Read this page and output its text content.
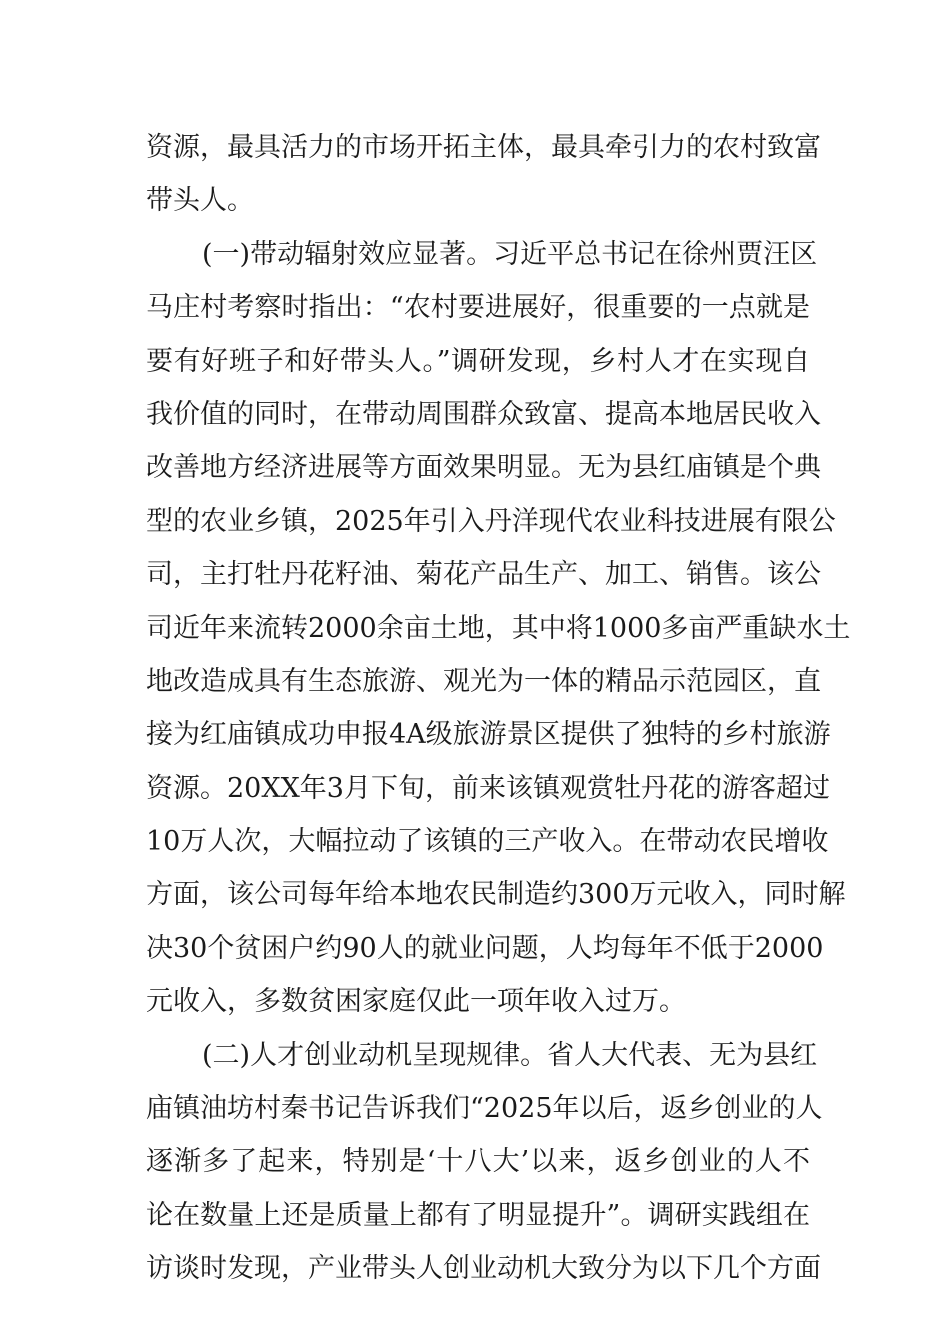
资源，最具活力的市场开拓主体，最具牵引力的农村致富
带头人。
(一)带动辐射效应显著。习近平总书记在徐州贾汪区
马庄村考察时指出：“农村要进展好，很重要的一点就是
要有好班子和好带头人。”调研发现，乡村人才在实现自
我价值的同时，在带动周围群众致富、提高本地居民收入
改善地方经济进展等方面效果明显。无为县红庙镇是个典
型的农业乡镇，2025年引入丹洋现代农业科技进展有限公
司，主打牡丹花籽油、菊花产品生产、加工、销售。该公
司近年来流转2000余亩土地，其中将1000多亩严重缺水土
地改造成具有生态旅游、观光为一体的精品示范园区，直
接为红庙镇成功申报4A级旅游景区提供了独特的乡村旅游
资源。20XX年3月下旬，前来该镇观赏牡丹花的游客超过
10万人次，大幅拉动了该镇的三产收入。在带动农民增收
方面，该公司每年给本地农民制造约300万元收入，同时解
决30个贫困户约90人的就业问题，人均每年不低于2000
元收入，多数贫困家庭仅此一项年收入过万。
(二)人才创业动机呈现规律。省人大代表、无为县红
庙镇油坊村秦书记告诉我们“2025年以后，返乡创业的人
逐渐多了起来，特别是‘十八大’以来，返乡创业的人不
论在数量上还是质量上都有了明显提升”。调研实践组在
访谈时发现，产业带头人创业动机大致分为以下几个方面
